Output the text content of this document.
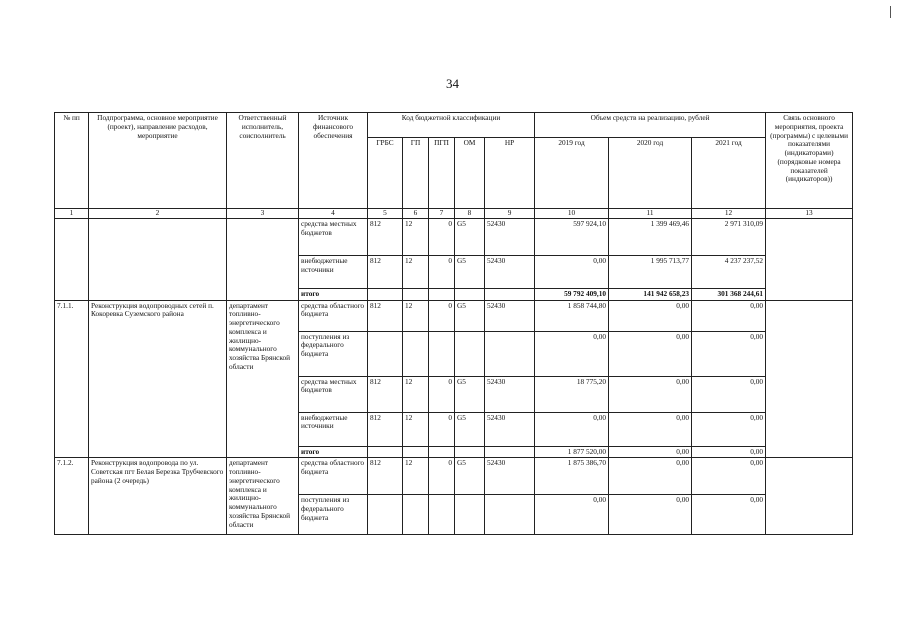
34
№ пп	Подпрограмма, основное мероприятие (проект), направление расходов, мероприятие	Ответственный исполнитель, соисполнитель	Источник финансового обеспечения	Код бюджетной классификации					Объем средств на реализацию, рублей			Связь основного мероприятия, проекта (программы) с целевыми показателями (индикаторами) (порядковые номера показателей (индикаторов))
				ГРБС	ГП	ПГП	ОМ	НР	2019 год	2020 год	2021 год	
1	2	3	4	5	6	7	8	9	10	11	12	13
			средства местных бюджетов	812	12	0	G5	52430	597 924,10	1 399 469,46	2 971 310,09	
			внебюджетные источники	812	12	0	G5	52430	0,00	1 995 713,77	4 237 237,52	
			итого						59 792 409,10	141 942 658,23	301 368 244,61	
7.1.1.	Реконструкция водопроводных сетей п. Кокоревка Суземского района	департамент топливно-энергетического комплекса и жилищно-коммунального хозяйства Брянской области	средства областного бюджета	812	12	0	G5	52430	1 858 744,80	0,00	0,00	
			поступления из федерального бюджета						0,00	0,00	0,00	
			средства местных бюджетов	812	12	0	G5	52430	18 775,20	0,00	0,00	
			внебюджетные источники	812	12	0	G5	52430	0,00	0,00	0,00	
			итого						1 877 520,00	0,00	0,00	
7.1.2.	Реконструкция водопровода по ул. Советская пгт Белая Березка Трубчевского района (2 очередь)	департамент топливно-энергетического комплекса и жилищно-коммунального хозяйства Брянской области	средства областного бюджета	812	12	0	G5	52430	1 875 386,70	0,00	0,00	
			поступления из федерального бюджета						0,00	0,00	0,00	
